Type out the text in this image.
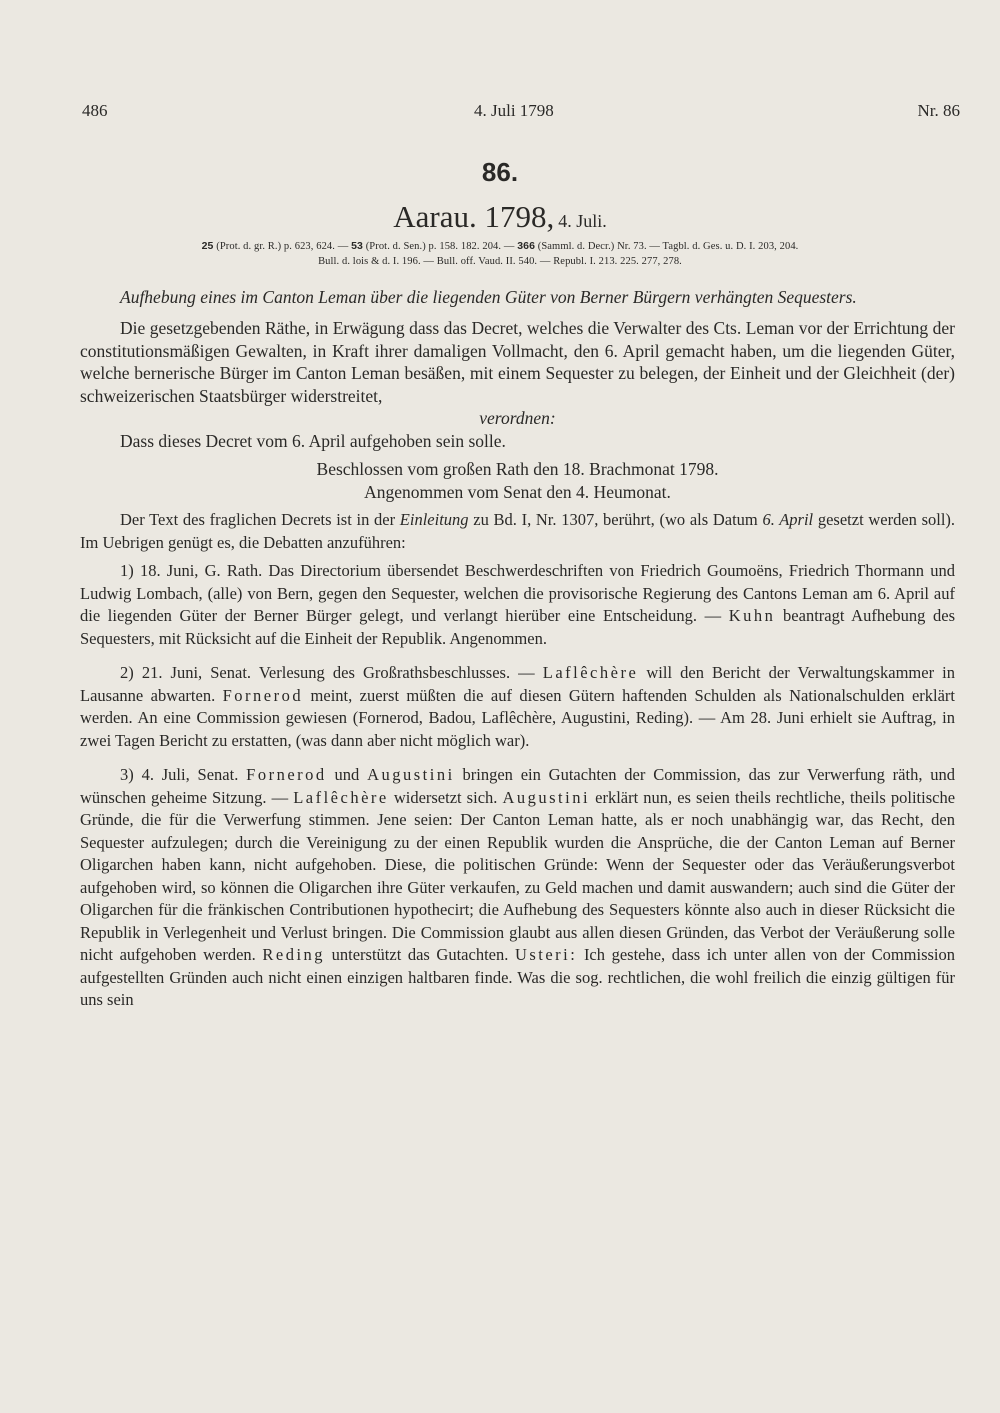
486	4. Juli 1798	Nr. 86
86.
Aarau. 1798, 4. Juli.
25 (Prot. d. gr. R.) p. 623, 624. — 53 (Prot. d. Sen.) p. 158. 182. 204. — 366 (Samml. d. Decr.) Nr. 73. — Tagbl. d. Ges. u. D. I. 203, 204.
Bull. d. lois & d. I. 196. — Bull. off. Vaud. II. 540. — Republ. I. 213. 225. 277, 278.

Aufhebung eines im Canton Leman über die liegenden Güter von Berner Bürgern verhängten Sequesters.

Die gesetzgebenden Räthe, in Erwägung dass das Decret, welches die Verwalter des Cts. Leman vor der Errichtung der constitutionsmäßigen Gewalten, in Kraft ihrer damaligen Vollmacht, den 6. April gemacht haben, um die liegenden Güter, welche bernerische Bürger im Canton Leman besäßen, mit einem Sequester zu belegen, der Einheit und der Gleichheit (der) schweizerischen Staatsbürger widerstreitet,

verordnen:

Dass dieses Decret vom 6. April aufgehoben sein solle.

Beschlossen vom großen Rath den 18. Brachmonat 1798.

Angenommen vom Senat den 4. Heumonat.

Der Text des fraglichen Decrets ist in der Einleitung zu Bd. I, Nr. 1307, berührt, (wo als Datum 6. April gesetzt werden soll). Im Uebrigen genügt es, die Debatten anzuführen:

1) 18. Juni, G. Rath. Das Directorium übersendet Beschwerdeschriften von Friedrich Goumoëns, Friedrich Thormann und Ludwig Lombach, (alle) von Bern, gegen den Sequester, welchen die provisorische Regierung des Cantons Leman am 6. April auf die liegenden Güter der Berner Bürger gelegt, und verlangt hierüber eine Entscheidung. — Kuhn beantragt Aufhebung des Sequesters, mit Rücksicht auf die Einheit der Republik. Angenommen.

2) 21. Juni, Senat. Verlesung des Großrathsbeschlusses. — Laflêchère will den Bericht der Verwaltungskammer in Lausanne abwarten. Fornerod meint, zuerst müßten die auf diesen Gütern haftenden Schulden als Nationalschulden erklärt werden. An eine Commission gewiesen (Fornerod, Badou, Laflêchère, Augustini, Reding). — Am 28. Juni erhielt sie Auftrag, in zwei Tagen Bericht zu erstatten, (was dann aber nicht möglich war).

3) 4. Juli, Senat. Fornerod und Augustini bringen ein Gutachten der Commission, das zur Verwerfung räth, und wünschen geheime Sitzung. — Laflêchère widersetzt sich. Augustini erklärt nun, es seien theils rechtliche, theils politische Gründe, die für die Verwerfung stimmen. Jene seien: Der Canton Leman hatte, als er noch unabhängig war, das Recht, den Sequester aufzulegen; durch die Vereinigung zu der einen Republik wurden die Ansprüche, die der Canton Leman auf Berner Oligarchen haben kann, nicht aufgehoben. Diese, die politischen Gründe: Wenn der Sequester oder das Veräußerungsverbot aufgehoben wird, so können die Oligarchen ihre Güter verkaufen, zu Geld machen und damit auswandern; auch sind die Güter der Oligarchen für die fränkischen Contributionen hypothecirt; die Aufhebung des Sequesters könnte also auch in dieser Rücksicht die Republik in Verlegenheit und Verlust bringen. Die Commission glaubt aus allen diesen Gründen, das Verbot der Veräußerung solle nicht aufgehoben werden. Reding unterstützt das Gutachten. Usteri: Ich gestehe, dass ich unter allen von der Commission aufgestellten Gründen auch nicht einen einzigen haltbaren finde. Was die sog. rechtlichen, die wohl freilich die einzig gültigen für uns sein
